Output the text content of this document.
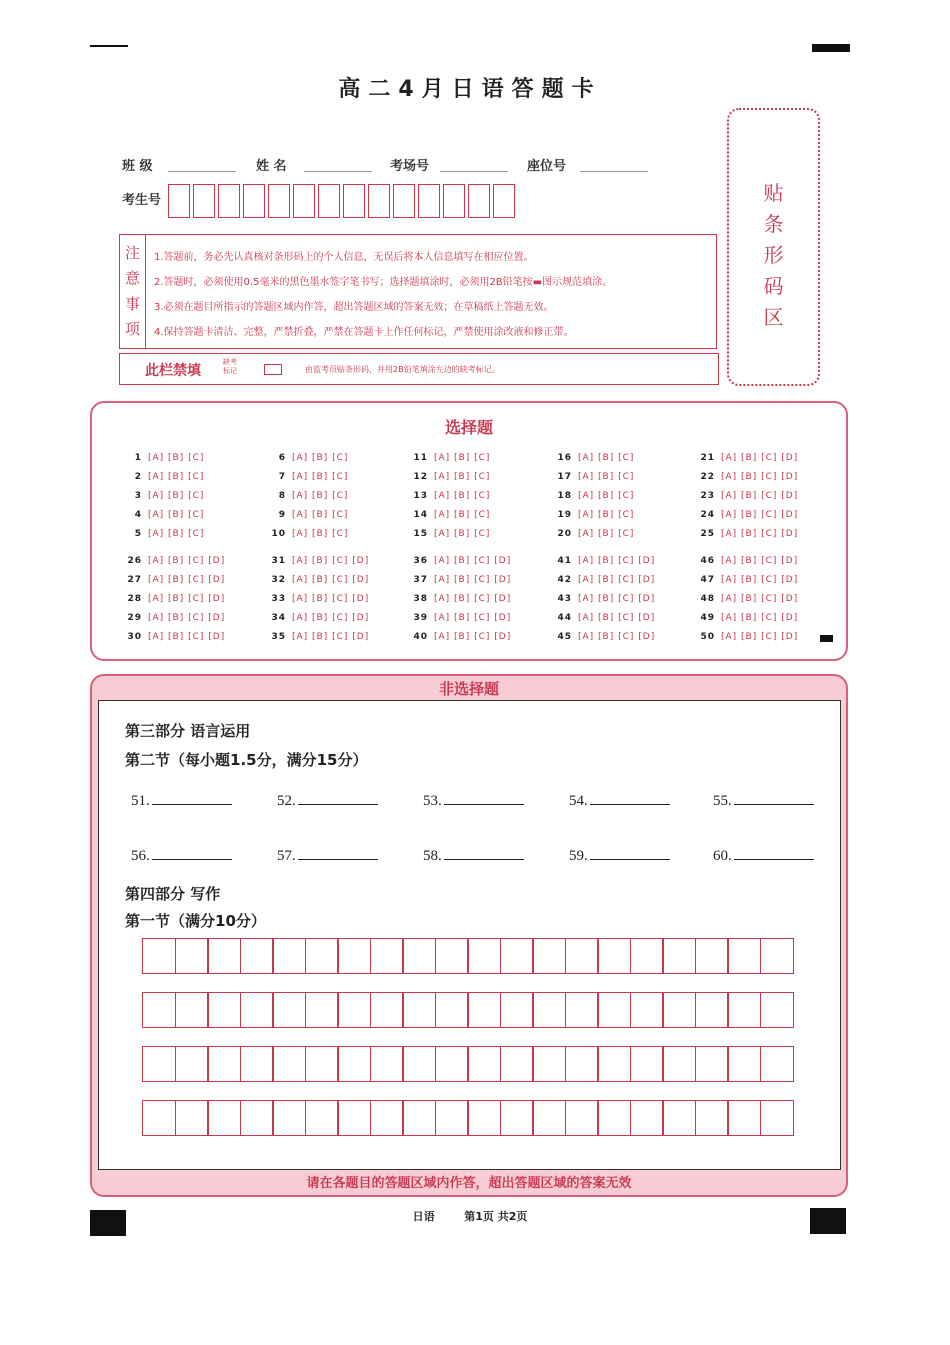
高二4月日语答题卡
班 级	姓 名	考场号	座位号
考生号
注
意
事
项
1.答题前，务必先认真核对条形码上的个人信息，无误后将本人信息填写在相应位置。
2.答题时，必须使用0.5毫米的黑色墨水签字笔书写；选择题填涂时，必须用2B铅笔按▬图示规范填涂。
3.必须在题目所指示的答题区域内作答，超出答题区域的答案无效；在草稿纸上答题无效。
4.保持答题卡清洁、完整，严禁折叠，严禁在答题卡上作任何标记，严禁使用涂改液和修正带。
此栏禁填
缺考标记	由监考员贴条形码，并用2B铅笔填涂左边的缺考标记。
贴
条
形
码
区
选择题
1 [A] [B] [C]
2 [A] [B] [C]
3 [A] [B] [C]
4 [A] [B] [C]
5 [A] [B] [C]
26 [A] [B] [C] [D]
27 [A] [B] [C] [D]
28 [A] [B] [C] [D]
29 [A] [B] [C] [D]
30 [A] [B] [C] [D]
6 [A] [B] [C]
7 [A] [B] [C]
8 [A] [B] [C]
9 [A] [B] [C]
10 [A] [B] [C]
31 [A] [B] [C] [D]
32 [A] [B] [C] [D]
33 [A] [B] [C] [D]
34 [A] [B] [C] [D]
35 [A] [B] [C] [D]
11 [A] [B] [C]
12 [A] [B] [C]
13 [A] [B] [C]
14 [A] [B] [C]
15 [A] [B] [C]
36 [A] [B] [C] [D]
37 [A] [B] [C] [D]
38 [A] [B] [C] [D]
39 [A] [B] [C] [D]
40 [A] [B] [C] [D]
16 [A] [B] [C]
17 [A] [B] [C]
18 [A] [B] [C]
19 [A] [B] [C]
20 [A] [B] [C]
41 [A] [B] [C] [D]
42 [A] [B] [C] [D]
43 [A] [B] [C] [D]
44 [A] [B] [C] [D]
45 [A] [B] [C] [D]
21 [A] [B] [C] [D]
22 [A] [B] [C] [D]
23 [A] [B] [C] [D]
24 [A] [B] [C] [D]
25 [A] [B] [C] [D]
46 [A] [B] [C] [D]
47 [A] [B] [C] [D]
48 [A] [B] [C] [D]
49 [A] [B] [C] [D]
50 [A] [B] [C] [D]
非选择题
第三部分 语言运用
第二节（每小题1.5分，满分15分）
第四部分 写作
第一节（满分10分）
51.	52.	53.	54.	55.
56.	57.	58.	59.	60.
请在各题目的答题区域内作答，超出答题区域的答案无效
日语	第1页 共2页
